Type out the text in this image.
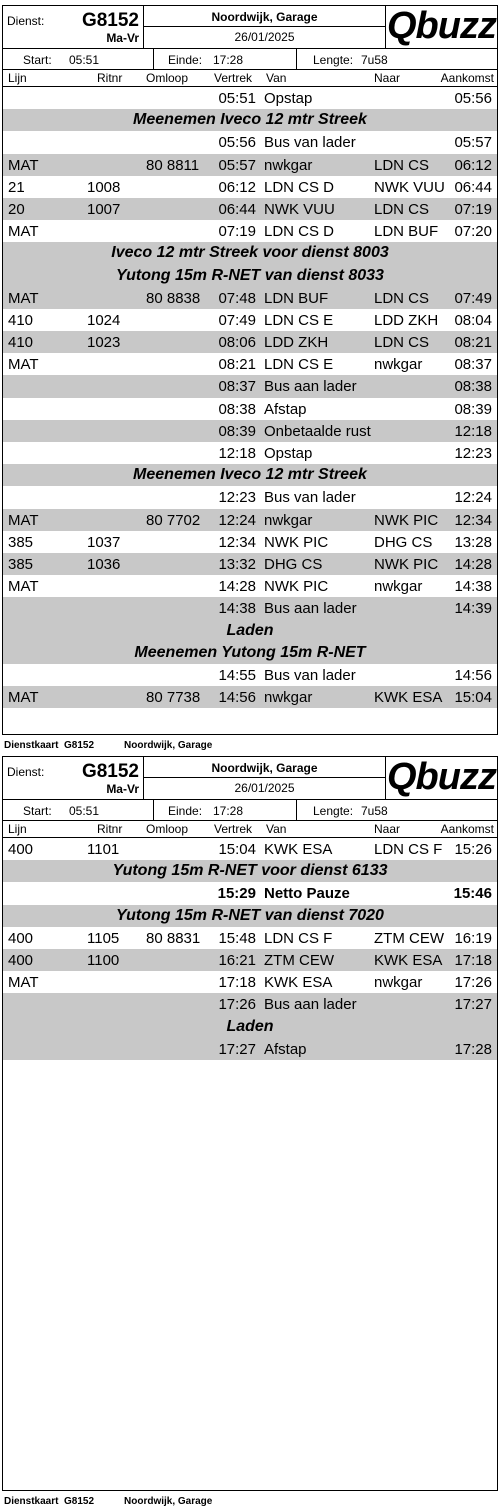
Dienst:	G8152
Ma-Vr
Noordwijk, Garage
26/01/2025	Qbuzz
Start: 05:51	Einde: 17:28	Lengte: 7u58
Lijn	Ritnr Omloop Vertrek Van	Naar	Aankomst
05:51 Opstap	05:56
Meenemen Iveco 12 mtr Streek
05:56 Bus van lader	05:57
MAT	80 8811	05:57 nwkgar	LDN CS 06:12
21	1008	06:12 LDN CS D	NWK VUU 06:44
20	1007	06:44 NWK VUU	LDN CS 07:19
MAT	07:19 LDN CS D	LDN BUF 07:20
Iveco 12 mtr Streek voor dienst 8003
Yutong 15m R-NET van dienst 8033
MAT	80 8838	07:48 LDN BUF	LDN CS 07:49
410	1024	07:49 LDN CS E	LDD ZKH 08:04
410	1023	08:06 LDD ZKH	LDN CS 08:21
MAT	08:21 LDN CS E	nwkgar 08:37
08:37 Bus aan lader	08:38
08:38 Afstap	08:39
08:39 Onbetaalde rust	12:18
12:18 Opstap	12:23
Meenemen Iveco 12 mtr Streek
12:23 Bus van lader	12:24
MAT	80 7702	12:24 nwkgar	NWK PIC 12:34
385	1037	12:34 NWK PIC	DHG CS 13:28
385	1036	13:32 DHG CS	NWK PIC 14:28
MAT	14:28 NWK PIC	nwkgar 14:38
14:38 Bus aan lader	14:39
Laden
Meenemen Yutong 15m R-NET
14:55 Bus van lader	14:56
MAT	80 7738	14:56 nwkgar	KWK ESA 15:04
Dienstkaart G8152	Noordwijk, Garage
Dienst:	G8152
Ma-Vr
Noordwijk, Garage
26/01/2025	Qbuzz
Start: 05:51	Einde: 17:28	Lengte: 7u58
Lijn	Ritnr Omloop Vertrek Van	Naar	Aankomst
400	1101	15:04 KWK ESA	LDN CS F 15:26
Yutong 15m R-NET voor dienst 6133
15:29 Netto Pauze	15:46
Yutong 15m R-NET van dienst 7020
400	1105 80 8831	15:48 LDN CS F	ZTM CEW 16:19
400	1100	16:21 ZTM CEW	KWK ESA 17:18
MAT	17:18 KWK ESA	nwkgar 17:26
17:26 Bus aan lader	17:27
Laden
17:27 Afstap	17:28
Dienstkaart G8152	Noordwijk, Garage
